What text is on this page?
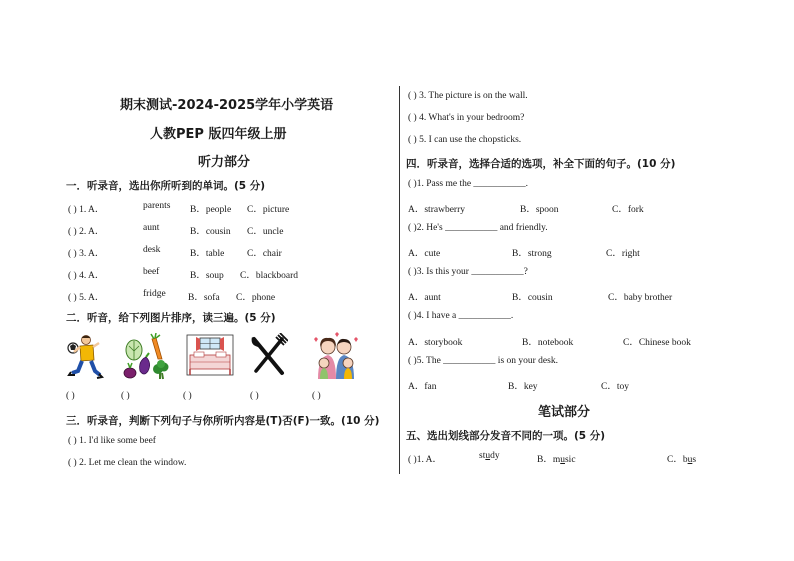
期末测试-2024-2025学年小学英语
人教PEP 版四年级上册
听力部分
一．听录音，选出你所听到的单词。(5 分)
( ) 1. A．	parents B．people C．picture
( ) 2. A．	aunt	B．cousin C．uncle
( ) 3. A．	desk	B．table C．chair
( ) 4. A．	beef	B．soup C．blackboard
( ) 5. A．	fridge B．sofa C．phone
二．听音，给下列图片排序，读三遍。(5 分)
( )	( )	( )	( )	( )
三．听录音，判断下列句子与你所听内容是(T)否(F)一致。(10 分)
( ) 1. I'd like some beef
( ) 2. Let me clean the window.
( ) 3. The picture is on the wall.
( ) 4. What's in your bedroom?
( ) 5. I can use the chopsticks.
四．听录音，选择合适的选项，补全下面的句子。(10 分)
( )1. Pass me the ___________.
A．strawberry	B．spoon	C．fork
( )2. He's ___________ and friendly.
A．cute	B．strong	C．right
( )3. Is this your ___________?
A．aunt	B．cousin	C．baby brother
( )4. I have a ___________.
A．storybook	B．notebook	C．Chinese book
( )5. The ___________ is on your desk.
A．fan	B．key	C．toy
笔试部分
五、选出划线部分发音不同的一项。(5 分)
( )1. A．	study	B．music	C．bus
